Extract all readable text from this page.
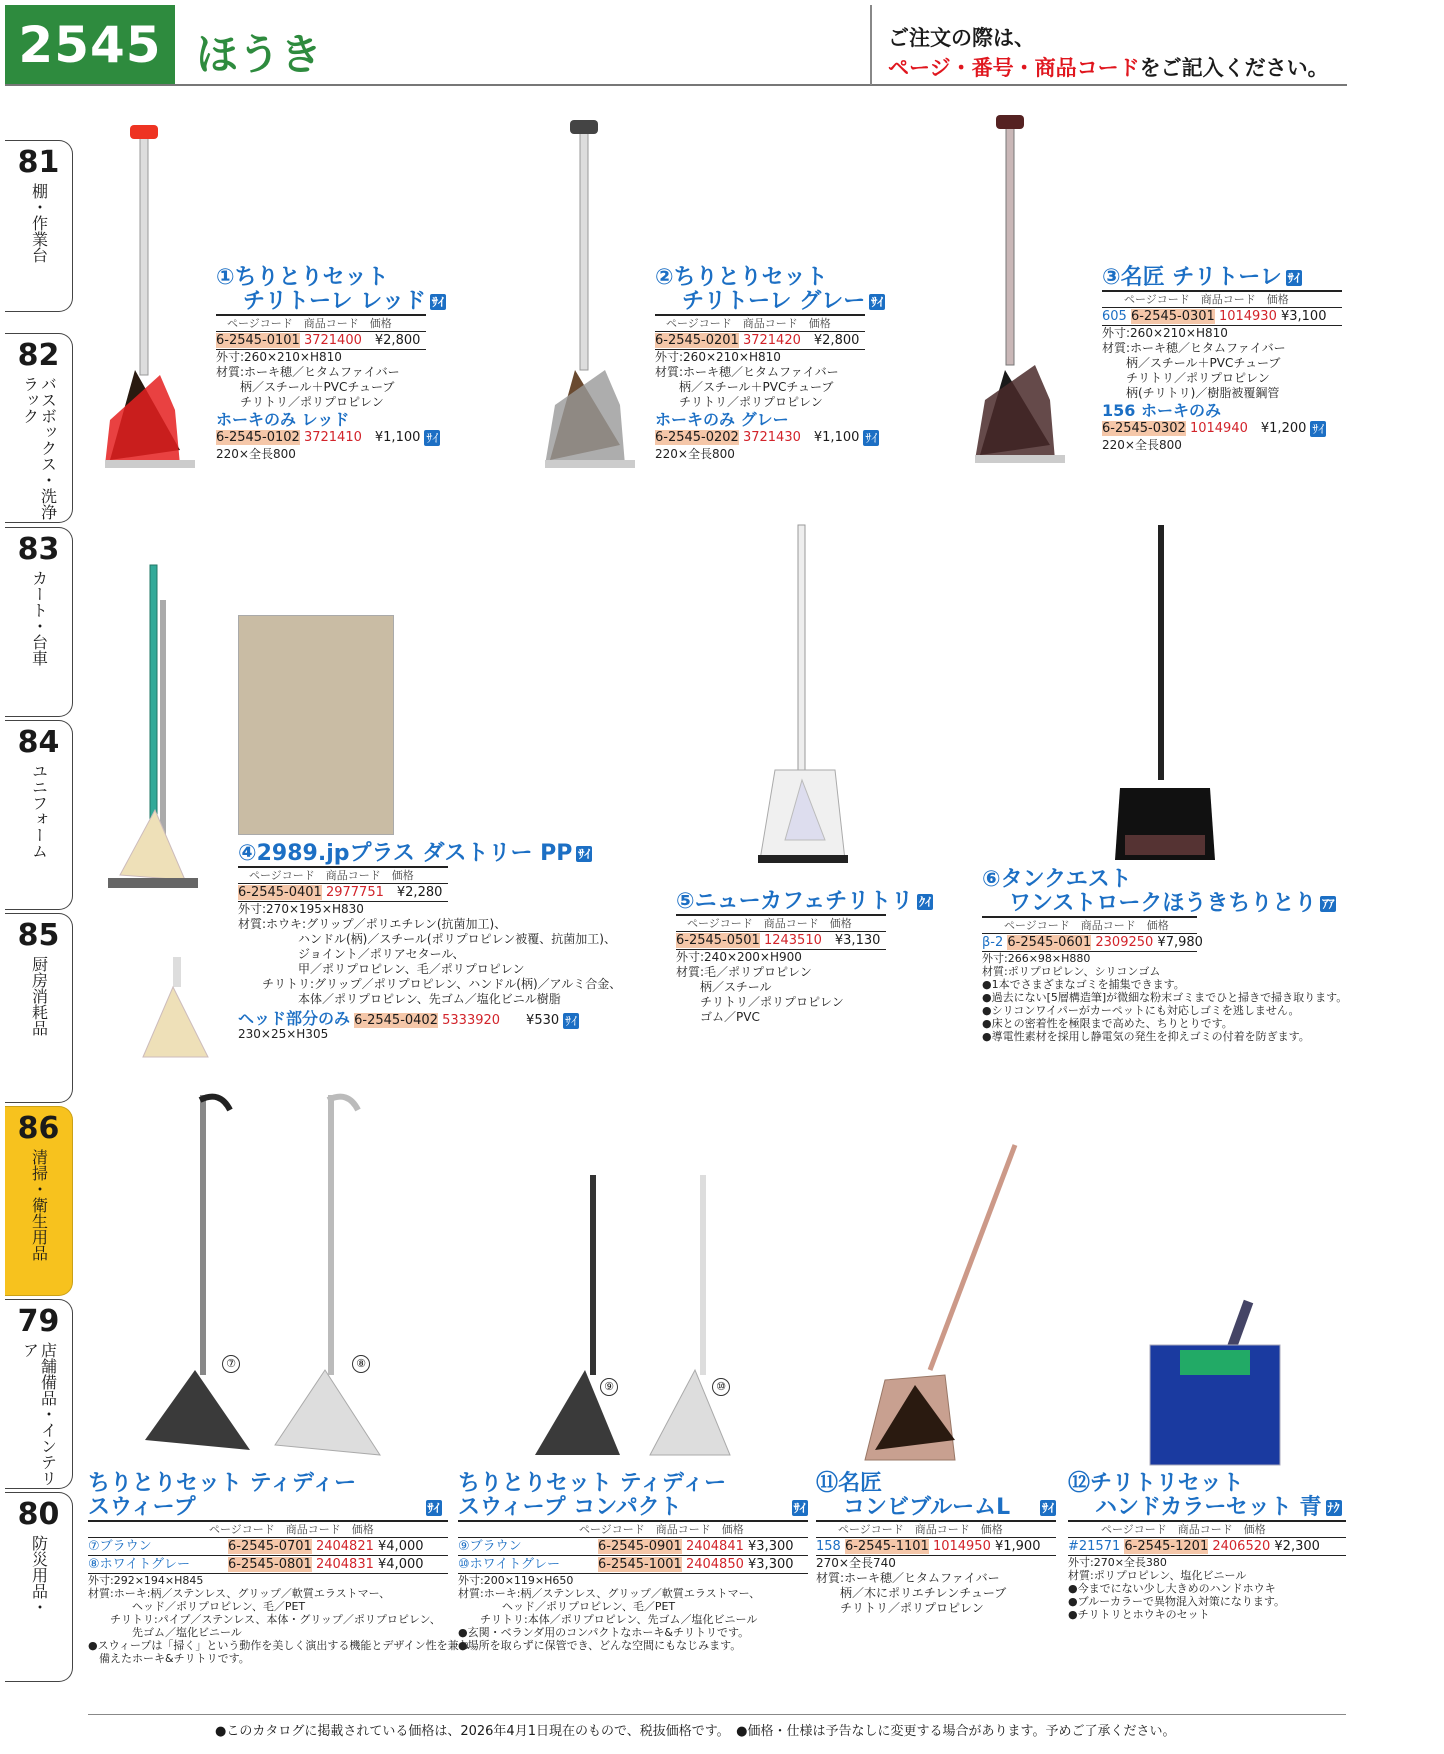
2545 ほうき	ご注文の際は、
ページ・番号・商品コードをご記入ください。
81
棚・作業台
82
バスボックス・洗浄ラック
83
カート・台車
84
ユニフォーム
85
厨房消耗品
86
清掃・衛生用品
79
店舗備品・インテリア
80
防災用品・
⑦	⑧
⑨	⑩
①ちりとりセット
チリトーレ レッド ｻｲ
　ページコード　商品コード　価格
6-2545-0101 3721400　 ¥2,800
外寸:260×210×H810
材質:ホーキ穂／ヒタムファイバー
　　柄／スチール＋PVCチューブ
　　チリトリ／ポリプロピレン
ホーキのみ レッド
6-2545-0102 3721410　 ¥1,100 ｻｲ
220×全長800
②ちりとりセット
チリトーレ グレー ｻｲ
　ページコード　商品コード　価格
6-2545-0201 3721420　 ¥2,800
外寸:260×210×H810
材質:ホーキ穂／ヒタムファイバー
　　柄／スチール＋PVCチューブ
　　チリトリ／ポリプロピレン
ホーキのみ グレー
6-2545-0202 3721430　 ¥1,100 ｻｲ
220×全長800
③名匠 チリトーレ ｻｲ
　　ページコード　商品コード　価格
605 6-2545-0301 1014930 ¥3,100
外寸:260×210×H810
材質:ホーキ穂／ヒタムファイバー
　　柄／スチール＋PVCチューブ
　　チリトリ／ポリプロピレン
　　柄(チリトリ)／樹脂被覆鋼管
156 ホーキのみ
6-2545-0302 1014940　 ¥1,200 ｻｲ
220×全長800
④2989.jpプラス ダストリー PP ｻｲ
　ページコード　商品コード　価格
6-2545-0401 2977751　 ¥2,280
外寸:270×195×H830
材質:ホウキ:グリップ／ポリエチレン(抗菌加工)、
　　　　　ハンドル(柄)／スチール(ポリプロピレン被覆、抗菌加工)、
　　　　　ジョイント／ポリアセタール、
　　　　　甲／ポリプロピレン、毛／ポリプロピレン
　　チリトリ:グリップ／ポリプロピレン、ハンドル(柄)／アルミ合金、
　　　　　本体／ポリプロピレン、先ゴム／塩化ビニル樹脂
ヘッド部分のみ 6-2545-0402 5333920　　 ¥530 ｻｲ
230×25×H305
⑤ニューカフェチリトリ ｸｲ
　ページコード　商品コード　価格
6-2545-0501 1243510　 ¥3,130
外寸:240×200×H900
材質:毛／ポリプロピレン
　　柄／スチール
　　チリトリ／ポリプロピレン
　　ゴム／PVC
⑥タンクエスト
ワンストロークほうきちりとり ｱｱ
　　ページコード　商品コード　価格
β-2 6-2545-0601 2309250 ¥7,980
外寸:266×98×H880
材質:ポリプロピレン、シリコンゴム
●1本でさまざまなゴミを捕集できます。
●過去にない[5層構造筆]が微細な粉末ゴミまでひと掃きで掃き取ります。
●シリコンワイパーがカーペットにも対応しゴミを逃しません。
●床との密着性を極限まで高めた、ちりとりです。
●導電性素材を採用し静電気の発生を抑えゴミの付着を防ぎます。
ちりとりセット ティディー
スウィープ	ｻｲ
　　　　　　　　　　　ページコード　商品コード　価格
⑦ブラウン	6-2545-0701 2404821 ¥4,000
⑧ホワイトグレー	6-2545-0801 2404831 ¥4,000
外寸:292×194×H845
材質:ホーキ:柄／ステンレス、グリップ／軟質エラストマー、
　　　　ヘッド／ポリプロピレン、毛／PET
　　チリトリ:パイプ／ステンレス、本体・グリップ／ポリプロピレン、
　　　　先ゴム／塩化ビニール
●スウィープは「掃く」という動作を美しく演出する機能とデザイン性を兼ね
　備えたホーキ&チリトリです。
ちりとりセット ティディー
スウィープ コンパクト	ｻｲ
　　　　　　　　　　　ページコード　商品コード　価格
⑨ブラウン	6-2545-0901 2404841 ¥3,300
⑩ホワイトグレー	6-2545-1001 2404850 ¥3,300
外寸:200×119×H650
材質:ホーキ:柄／ステンレス、グリップ／軟質エラストマー、
　　　　ヘッド／ポリプロピレン、毛／PET
　　チリトリ:本体／ポリプロピレン、先ゴム／塩化ビニール
●玄関・ベランダ用のコンパクトなホーキ&チリトリです。
●場所を取らずに保管でき、どんな空間にもなじみます。
⑪名匠
コンビブルームL	ｻｲ
　　ページコード　商品コード　価格
158 6-2545-1101 1014950 ¥1,900
270×全長740
材質:ホーキ穂／ヒタムファイバー
　　柄／木にポリエチレンチューブ
　　チリトリ／ポリプロピレン
⑫チリトリセット
ハンドカラーセット 青 ﾅｸ
　　　ページコード　商品コード　価格
#21571 6-2545-1201 2406520 ¥2,300
外寸:270×全長380
材質:ポリプロピレン、塩化ビニール
●今までにない少し大きめのハンドホウキ
●ブルーカラーで異物混入対策になります。
●チリトリとホウキのセット
●このカタログに掲載されている価格は、2026年4月1日現在のもので、税抜価格です。　●価格・仕様は予告なしに変更する場合があります。予めご了承ください。
